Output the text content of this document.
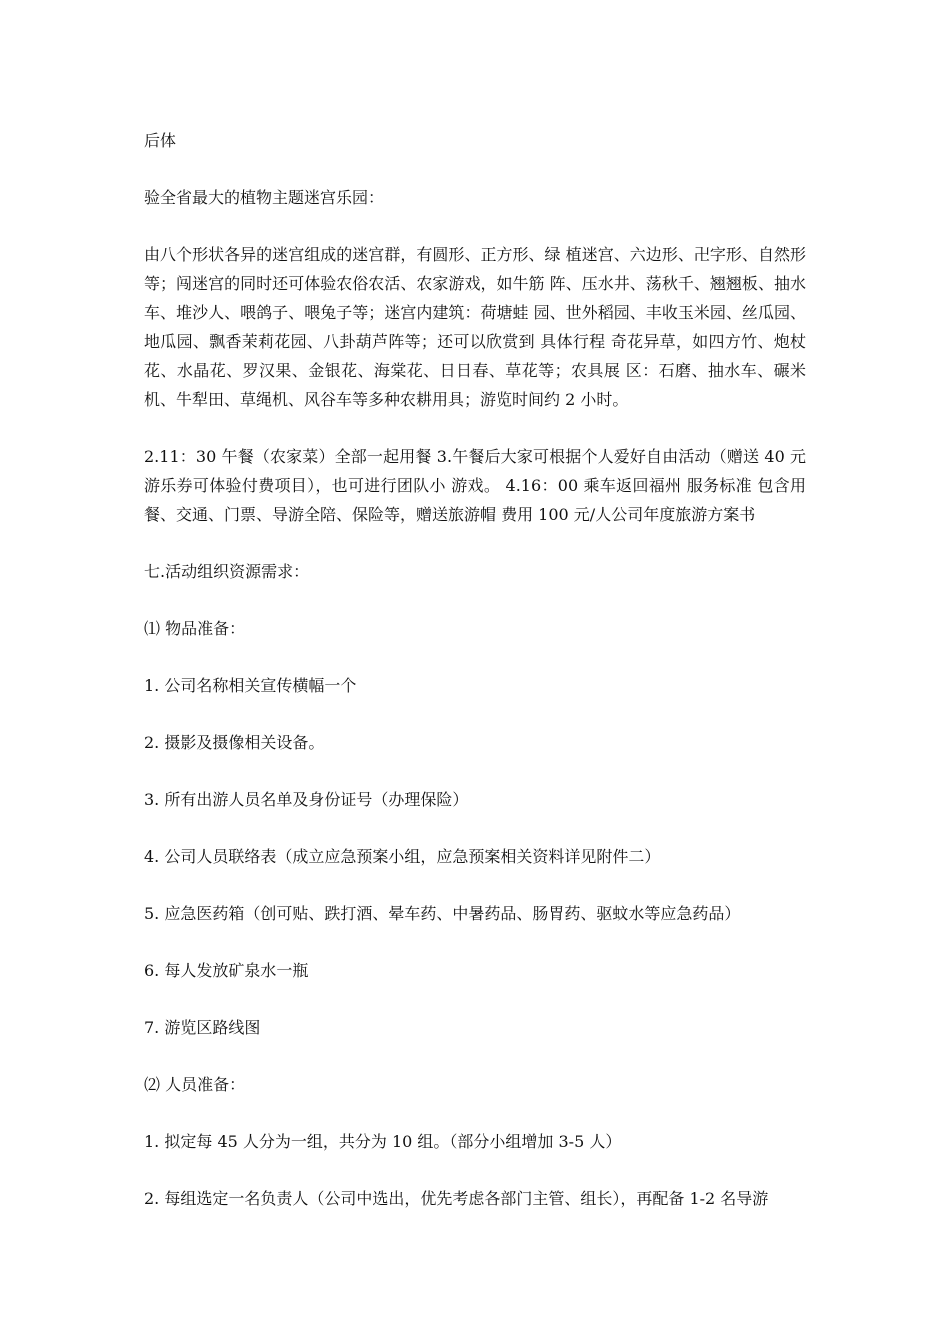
后体

验全省最大的植物主题迷宫乐园：

由八个形状各异的迷宫组成的迷宫群，有圆形、正方形、绿 植迷宫、六边形、卍字形、自然形等；闯迷宫的同时还可体验农俗农活、农家游戏，如牛筋 阵、压水井、荡秋千、翘翘板、抽水车、堆沙人、喂鸽子、喂兔子等；迷宫内建筑：荷塘蛙 园、世外稻园、丰收玉米园、丝瓜园、地瓜园、飘香茉莉花园、八卦葫芦阵等；还可以欣赏到 具体行程 奇花异草，如四方竹、炮杖花、水晶花、罗汉果、金银花、海棠花、日日春、草花等；农具展 区：石磨、抽水车、碾米机、牛犁田、草绳机、风谷车等多种农耕用具；游览时间约 2 小时。

2.11：30 午餐（农家菜）全部一起用餐 3.午餐后大家可根据个人爱好自由活动（赠送 40 元游乐券可体验付费项目），也可进行团队小 游戏。 4.16：00 乘车返回福州 服务标准 包含用餐、交通、门票、导游全陪、保险等，赠送旅游帽 费用 100 元/人公司年度旅游方案书

七.活动组织资源需求：

⑴ 物品准备：

1. 公司名称相关宣传横幅一个

2. 摄影及摄像相关设备。

3. 所有出游人员名单及身份证号（办理保险）

4. 公司人员联络表（成立应急预案小组，应急预案相关资料详见附件二）

5. 应急医药箱（创可贴、跌打酒、晕车药、中暑药品、肠胃药、驱蚊水等应急药品）

6. 每人发放矿泉水一瓶

7. 游览区路线图

⑵ 人员准备：

1. 拟定每 45 人分为一组，共分为 10 组。（部分小组增加 3-5 人）

2. 每组选定一名负责人（公司中选出，优先考虑各部门主管、组长），再配备 1-2 名导游
